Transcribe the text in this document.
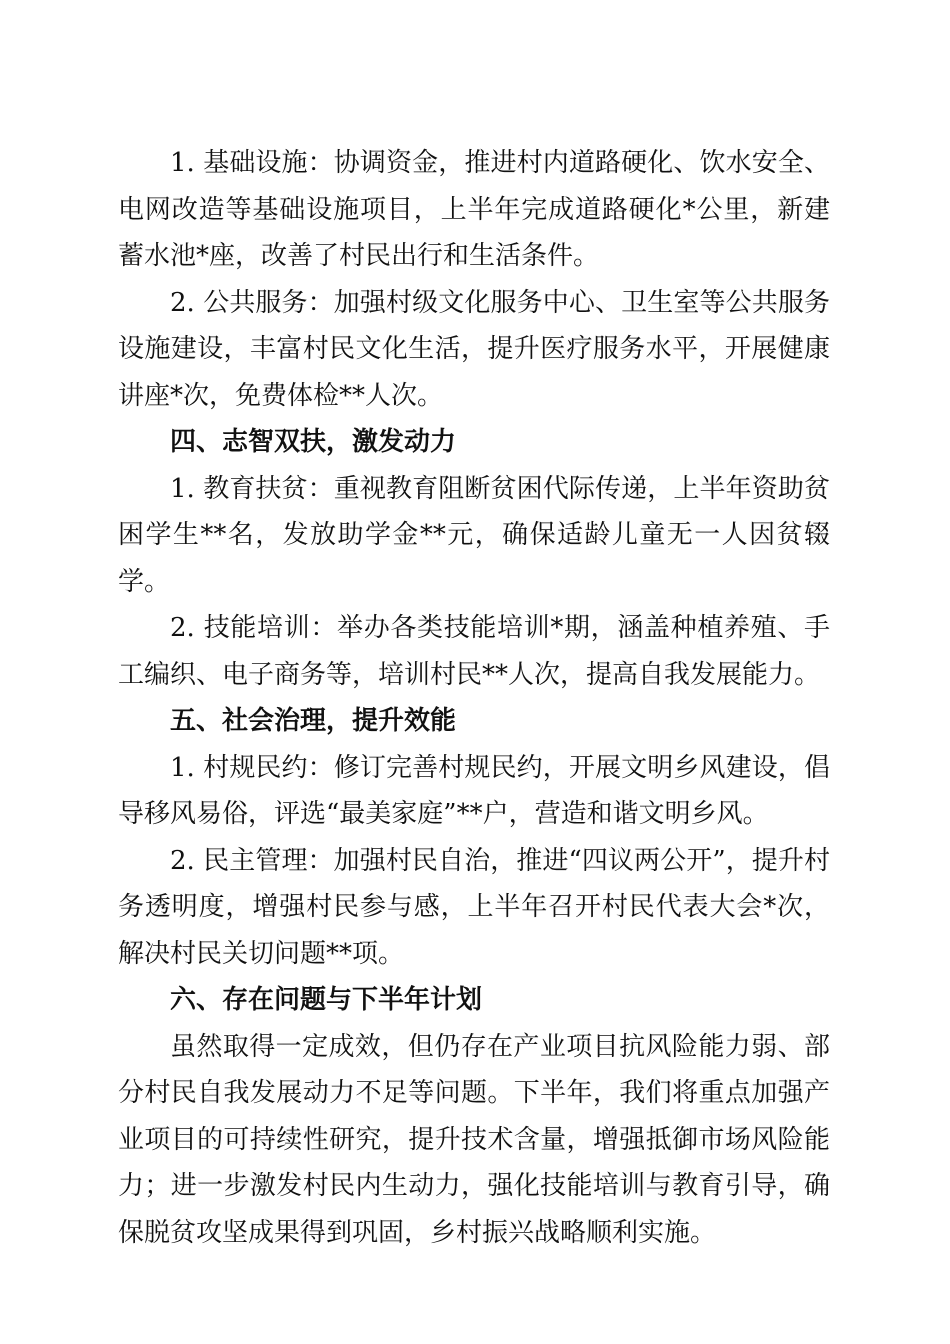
1. 基础设施：协调资金，推进村内道路硬化、饮水安全、电网改造等基础设施项目，上半年完成道路硬化*公里，新建蓄水池*座，改善了村民出行和生活条件。

2. 公共服务：加强村级文化服务中心、卫生室等公共服务设施建设，丰富村民文化生活，提升医疗服务水平，开展健康讲座*次，免费体检**人次。

四、志智双扶，激发动力

1. 教育扶贫：重视教育阻断贫困代际传递，上半年资助贫困学生**名，发放助学金**元，确保适龄儿童无一人因贫辍学。

2. 技能培训：举办各类技能培训*期，涵盖种植养殖、手工编织、电子商务等，培训村民**人次，提高自我发展能力。

五、社会治理，提升效能

1. 村规民约：修订完善村规民约，开展文明乡风建设，倡导移风易俗，评选“最美家庭”**户，营造和谐文明乡风。

2. 民主管理：加强村民自治，推进“四议两公开”，提升村务透明度，增强村民参与感，上半年召开村民代表大会*次，解决村民关切问题**项。

六、存在问题与下半年计划

虽然取得一定成效，但仍存在产业项目抗风险能力弱、部分村民自我发展动力不足等问题。下半年，我们将重点加强产业项目的可持续性研究，提升技术含量，增强抵御市场风险能力；进一步激发村民内生动力，强化技能培训与教育引导，确保脱贫攻坚成果得到巩固，乡村振兴战略顺利实施。
